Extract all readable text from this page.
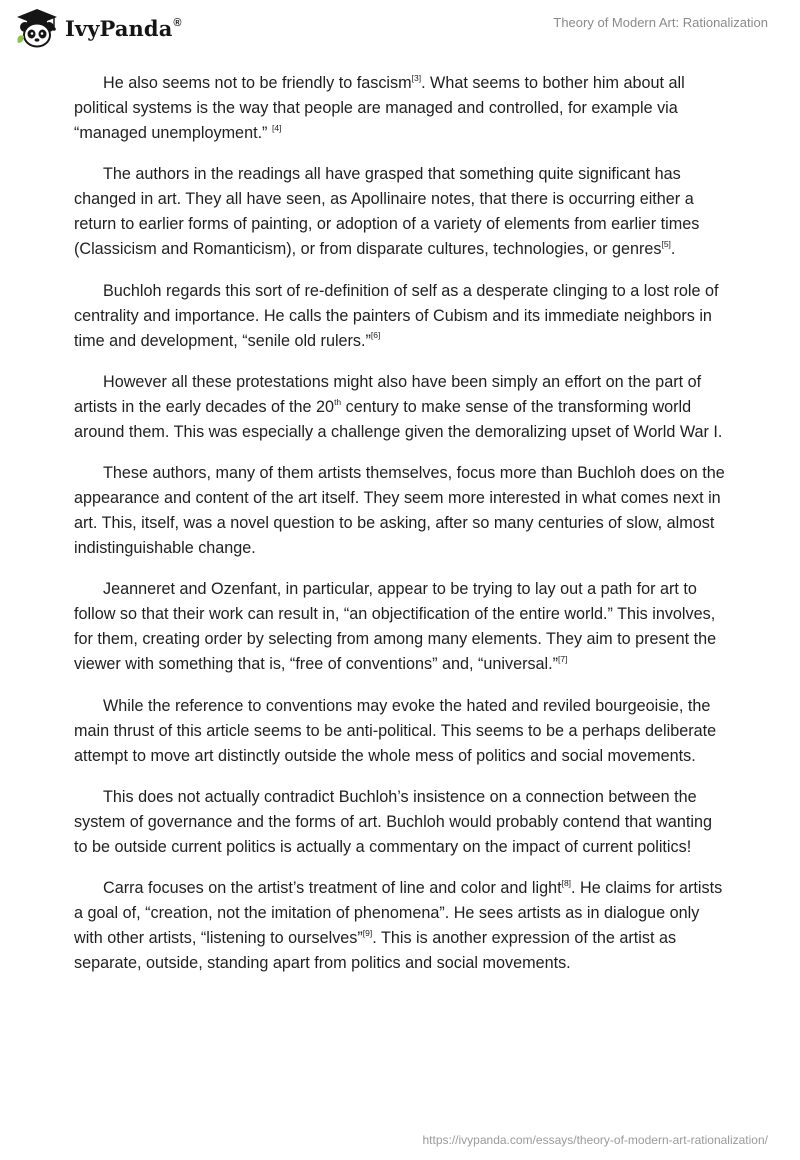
IvyPanda®	Theory of Modern Art: Rationalization

He also seems not to be friendly to fascism[3]. What seems to bother him about all political systems is the way that people are managed and controlled, for example via “managed unemployment.” [4]

The authors in the readings all have grasped that something quite significant has changed in art. They all have seen, as Apollinaire notes, that there is occurring either a return to earlier forms of painting, or adoption of a variety of elements from earlier times (Classicism and Romanticism), or from disparate cultures, technologies, or genres[5].

Buchloh regards this sort of re-definition of self as a desperate clinging to a lost role of centrality and importance. He calls the painters of Cubism and its immediate neighbors in time and development, “senile old rulers.”[6]

However all these protestations might also have been simply an effort on the part of artists in the early decades of the 20th century to make sense of the transforming world around them. This was especially a challenge given the demoralizing upset of World War I.

These authors, many of them artists themselves, focus more than Buchloh does on the appearance and content of the art itself. They seem more interested in what comes next in art. This, itself, was a novel question to be asking, after so many centuries of slow, almost indistinguishable change.

Jeanneret and Ozenfant, in particular, appear to be trying to lay out a path for art to follow so that their work can result in, “an objectification of the entire world.” This involves, for them, creating order by selecting from among many elements. They aim to present the viewer with something that is, “free of conventions” and, “universal.”[7]

While the reference to conventions may evoke the hated and reviled bourgeoisie, the main thrust of this article seems to be anti-political. This seems to be a perhaps deliberate attempt to move art distinctly outside the whole mess of politics and social movements.

This does not actually contradict Buchloh’s insistence on a connection between the system of governance and the forms of art. Buchloh would probably contend that wanting to be outside current politics is actually a commentary on the impact of current politics!

Carra focuses on the artist’s treatment of line and color and light[8]. He claims for artists a goal of, “creation, not the imitation of phenomena”. He sees artists as in dialogue only with other artists, “listening to ourselves”[9]. This is another expression of the artist as separate, outside, standing apart from politics and social movements.

https://ivypanda.com/essays/theory-of-modern-art-rationalization/
